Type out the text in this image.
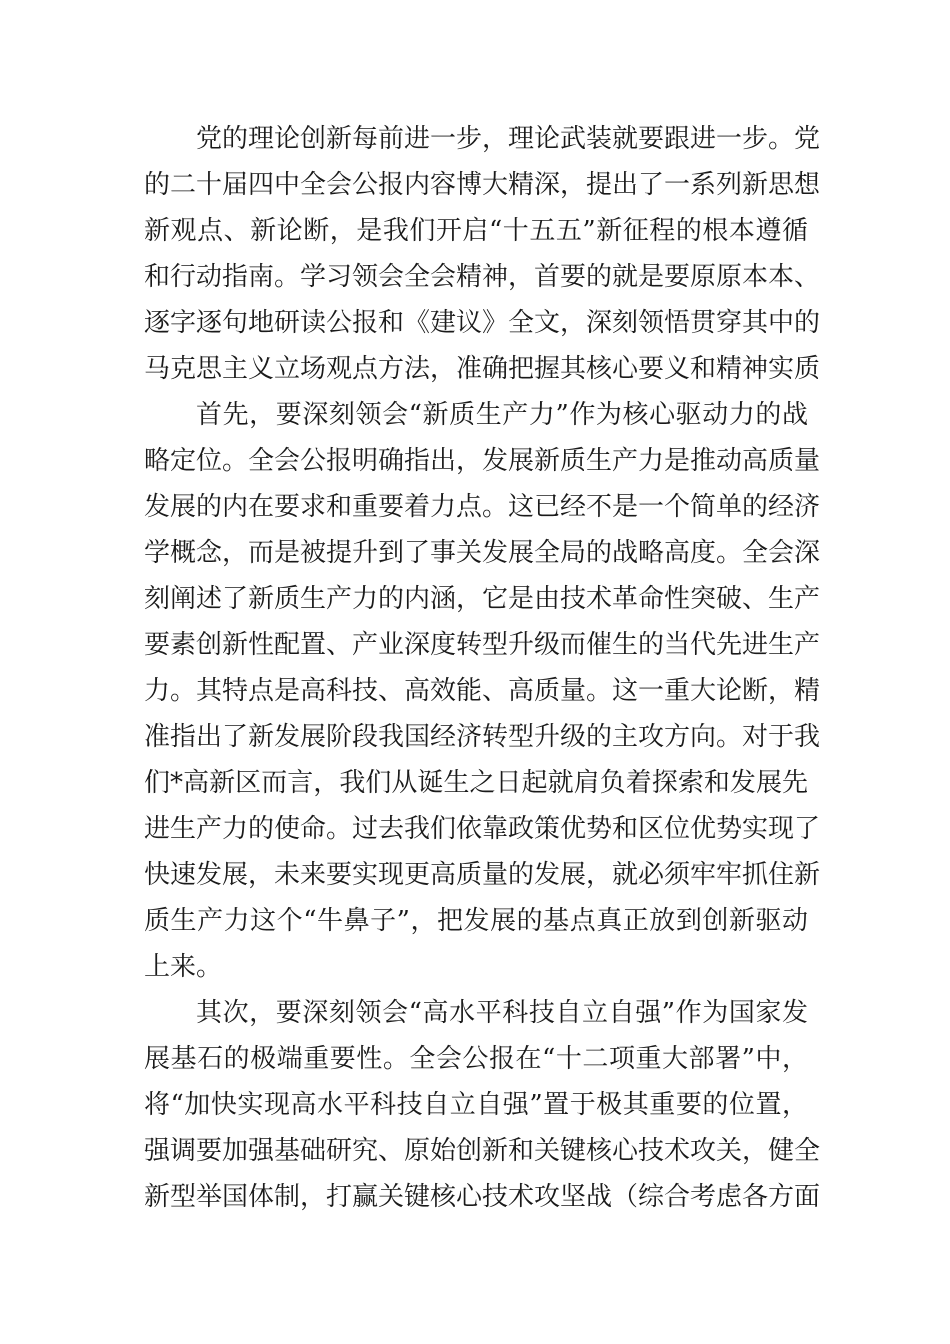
党的理论创新每前进一步，理论武装就要跟进一步。党
的二十届四中全会公报内容博大精深，提出了一系列新思想
新观点、新论断，是我们开启“十五五”新征程的根本遵循
和行动指南。学习领会全会精神，首要的就是要原原本本、
逐字逐句地研读公报和《建议》全文，深刻领悟贯穿其中的
马克思主义立场观点方法，准确把握其核心要义和精神实质
首先，要深刻领会“新质生产力”作为核心驱动力的战
略定位。全会公报明确指出，发展新质生产力是推动高质量
发展的内在要求和重要着力点。这已经不是一个简单的经济
学概念，而是被提升到了事关发展全局的战略高度。全会深
刻阐述了新质生产力的内涵，它是由技术革命性突破、生产
要素创新性配置、产业深度转型升级而催生的当代先进生产
力。其特点是高科技、高效能、高质量。这一重大论断，精
准指出了新发展阶段我国经济转型升级的主攻方向。对于我
们*高新区而言，我们从诞生之日起就肩负着探索和发展先
进生产力的使命。过去我们依靠政策优势和区位优势实现了
快速发展，未来要实现更高质量的发展，就必须牢牢抓住新
质生产力这个“牛鼻子”，把发展的基点真正放到创新驱动
上来。
其次，要深刻领会“高水平科技自立自强”作为国家发
展基石的极端重要性。全会公报在“十二项重大部署”中，
将“加快实现高水平科技自立自强”置于极其重要的位置，
强调要加强基础研究、原始创新和关键核心技术攻关，健全
新型举国体制，打赢关键核心技术攻坚战（综合考虑各方面
